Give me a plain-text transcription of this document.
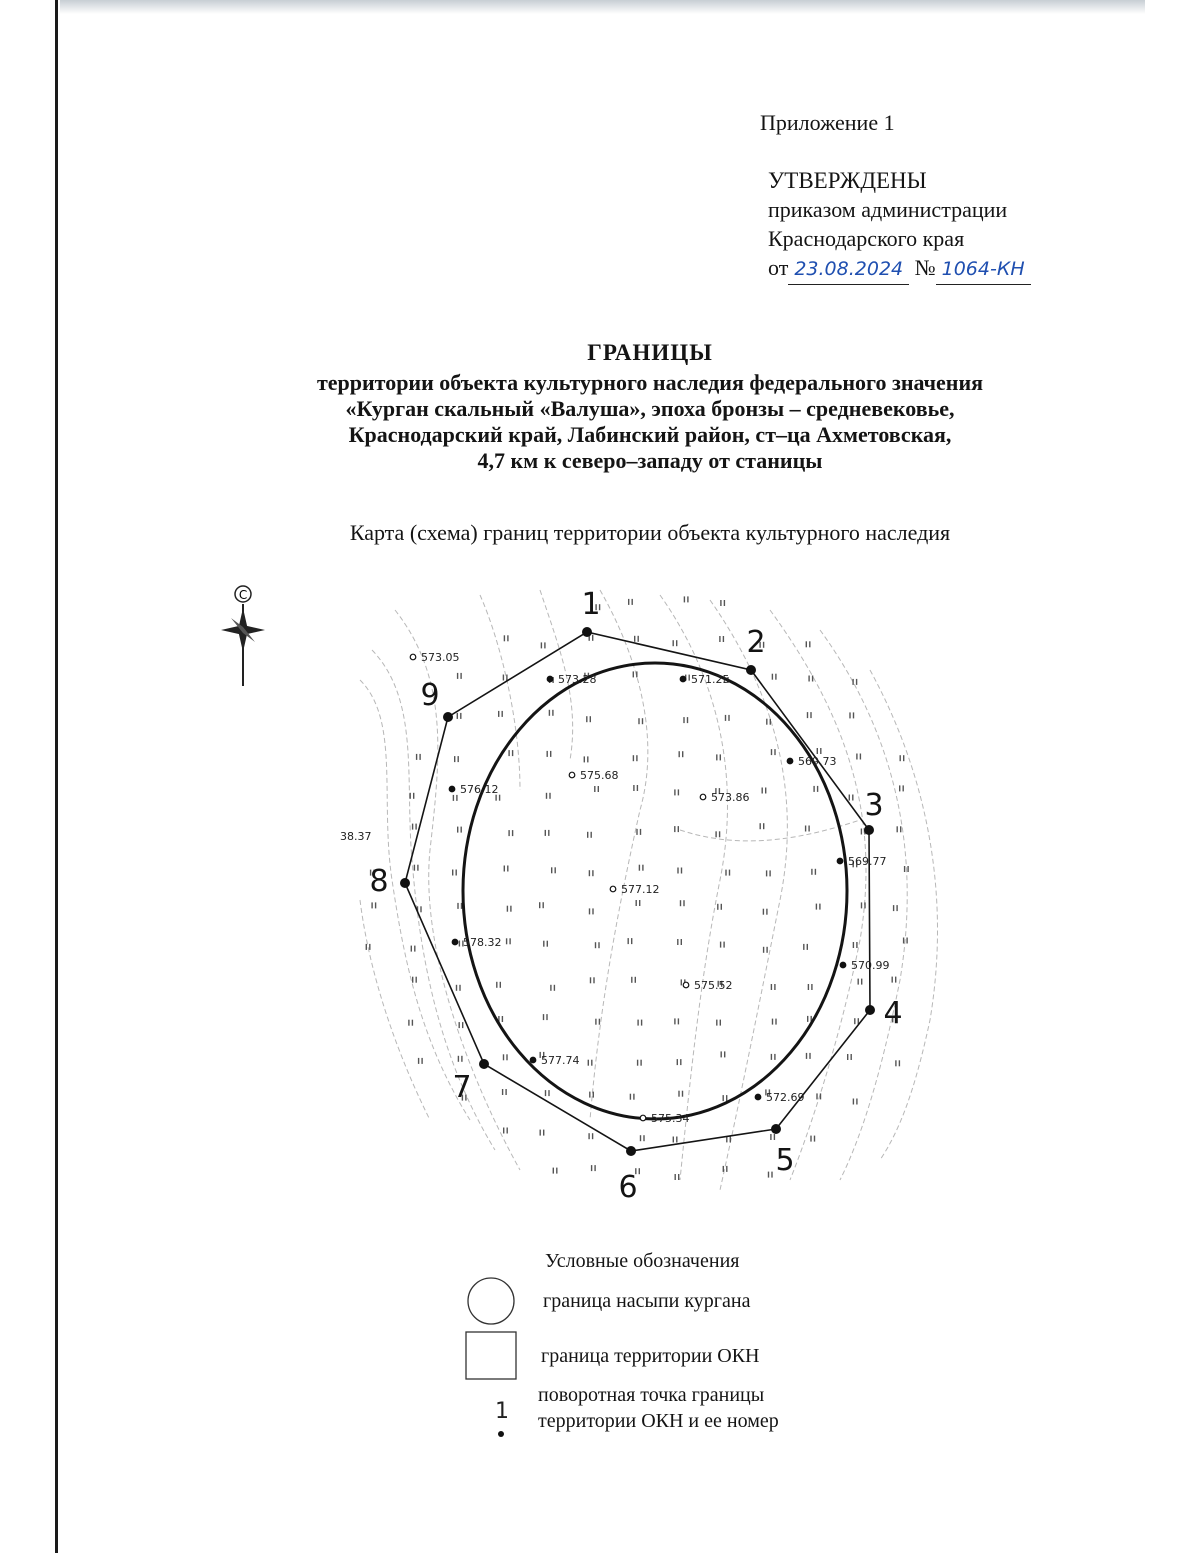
Приложение 1
УТВЕРЖДЕНЫ
приказом администрации
Краснодарского края
от 23.08.2024 № 1064-КН
ГРАНИЦЫ
территории объекта культурного наследия федерального значения
«Курган скальный «Валуша», эпоха бронзы – средневековье,
Краснодарский край, Лабинский район, ст–ца Ахметовская,
4,7 км к северо–западу от станицы
Карта (схема) границ территории объекта культурного наследия
С	1
2
3
4
5
6
7
8
9
573.05
573.28	571.25
569.73
575.68
573.86
576.12
569.77
38.37
577.12
578.32
570.99
575.52
577.74
572.69
575.34
1
Условные обозначения
граница насыпи кургана
граница территории ОКН
поворотная точка границы
территории ОКН и ее номер
